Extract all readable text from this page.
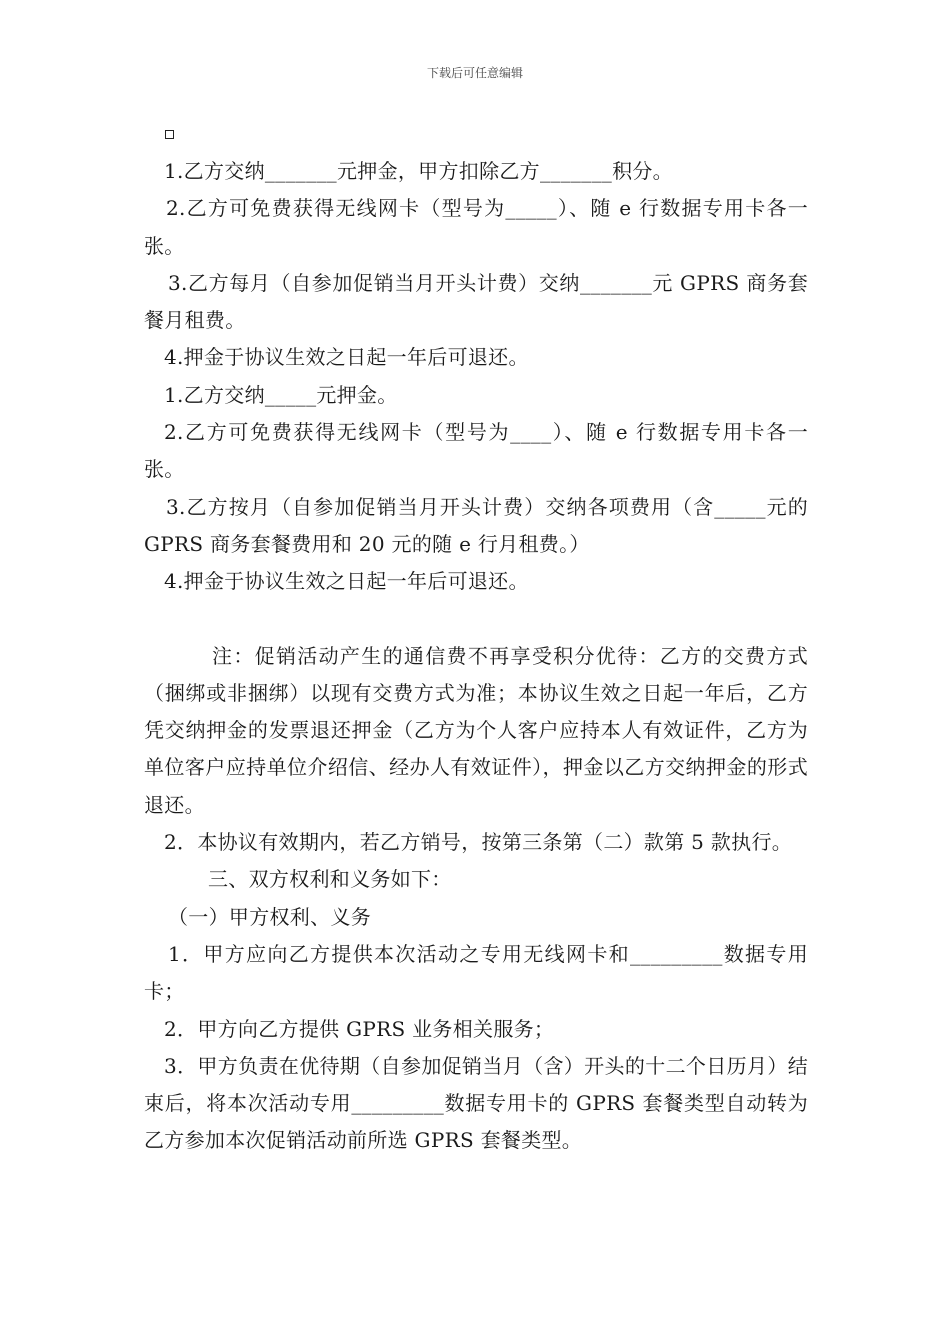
下载后可任意编辑

1.乙方交纳_______元押金，甲方扣除乙方_______积分。

2.乙方可免费获得无线网卡（型号为_____）、随 e 行数据专用卡各一张。

3.乙方每月（自参加促销当月开头计费）交纳_______元 GPRS 商务套餐月租费。

4.押金于协议生效之日起一年后可退还。

1.乙方交纳_____元押金。

2.乙方可免费获得无线网卡（型号为____）、随 e 行数据专用卡各一张。

3.乙方按月（自参加促销当月开头计费）交纳各项费用（含_____元的 GPRS 商务套餐费用和 20 元的随 e 行月租费。）

4.押金于协议生效之日起一年后可退还。

注：促销活动产生的通信费不再享受积分优待：乙方的交费方式（捆绑或非捆绑）以现有交费方式为准；本协议生效之日起一年后，乙方凭交纳押金的发票退还押金（乙方为个人客户应持本人有效证件，乙方为单位客户应持单位介绍信、经办人有效证件），押金以乙方交纳押金的形式退还。

2．本协议有效期内，若乙方销号，按第三条第（二）款第 5 款执行。

三、双方权利和义务如下：

（一）甲方权利、义务

1．甲方应向乙方提供本次活动之专用无线网卡和_________数据专用卡；

2．甲方向乙方提供 GPRS 业务相关服务；

3．甲方负责在优待期（自参加促销当月（含）开头的十二个日历月）结束后，将本次活动专用_________数据专用卡的 GPRS 套餐类型自动转为乙方参加本次促销活动前所选 GPRS 套餐类型。
